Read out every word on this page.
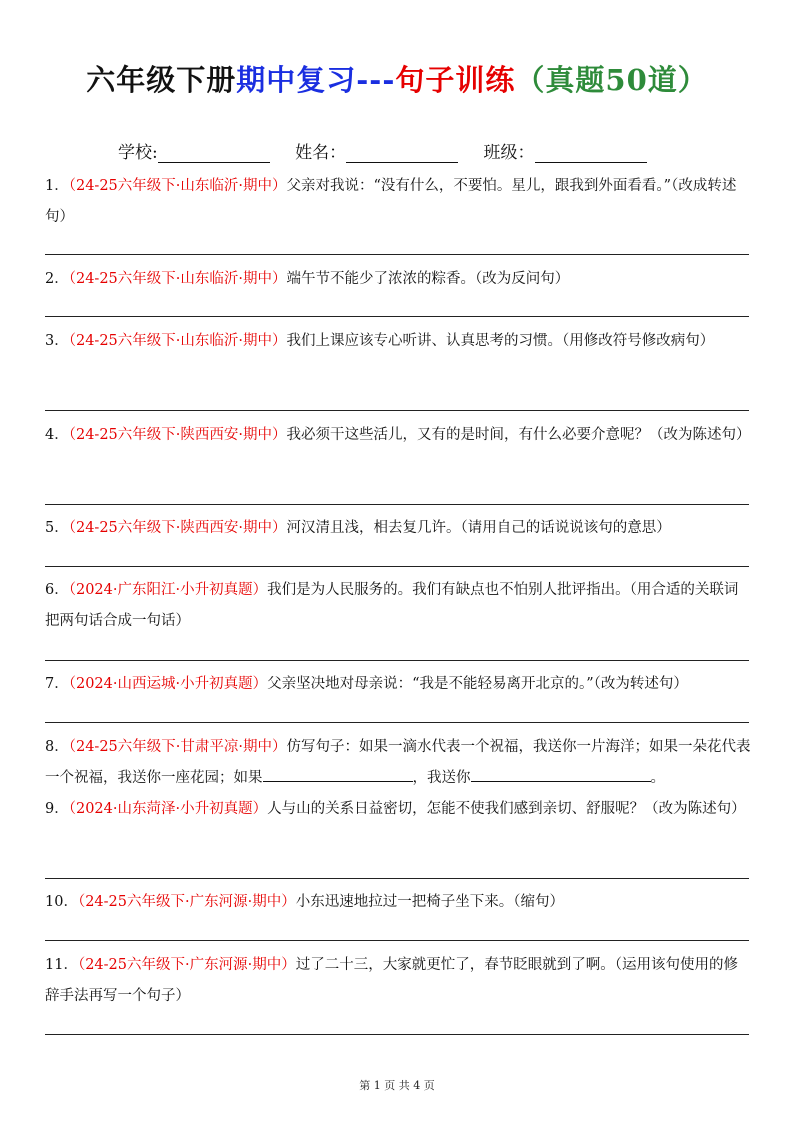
六年级下册期中复习---句子训练（真题50道）
学校:	姓名：	班级：
1．（24-25六年级下·山东临沂·期中）父亲对我说：“没有什么，不要怕。星儿，跟我到外面看看。”（改成转述句）
2．（24-25六年级下·山东临沂·期中）端午节不能少了浓浓的粽香。（改为反问句）
3．（24-25六年级下·山东临沂·期中）我们上课应该专心听讲、认真思考的习惯。（用修改符号修改病句）
4．（24-25六年级下·陕西西安·期中）我必须干这些活儿，又有的是时间，有什么必要介意呢？（改为陈述句）
5．（24-25六年级下·陕西西安·期中）河汉清且浅，相去复几许。（请用自己的话说说该句的意思）
6．（2024·广东阳江·小升初真题）我们是为人民服务的。我们有缺点也不怕别人批评指出。（用合适的关联词把两句话合成一句话）
7．（2024·山西运城·小升初真题）父亲坚决地对母亲说：“我是不能轻易离开北京的。”（改为转述句）
8．（24-25六年级下·甘肃平凉·期中）仿写句子：如果一滴水代表一个祝福，我送你一片海洋；如果一朵花代表一个祝福，我送你一座花园；如果	，我送你	。
9．（2024·山东菏泽·小升初真题）人与山的关系日益密切，怎能不使我们感到亲切、舒服呢？（改为陈述句）
10．（24-25六年级下·广东河源·期中）小东迅速地拉过一把椅子坐下来。（缩句）
11．（24-25六年级下·广东河源·期中）过了二十三，大家就更忙了，春节眨眼就到了啊。（运用该句使用的修辞手法再写一个句子）
第 1 页 共 4 页
